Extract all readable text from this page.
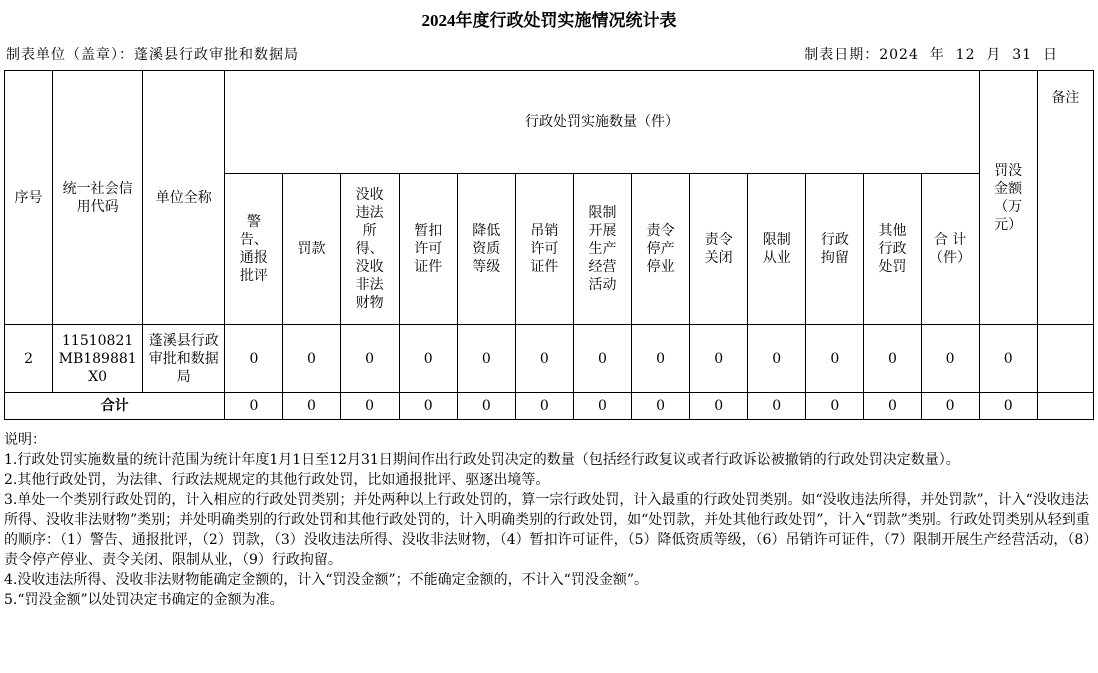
2024年度行政处罚实施情况统计表
制表单位（盖章）：蓬溪县行政审批和数据局	制表日期：2024  年  12  月  31  日
序号	统一社会信用代码	单位全称	行政处罚实施数量（件）													罚没金额（万元）	备注
			警告、通报批评	罚款	没收违法所得、没收非法财物	暂扣许可证件	降低资质等级	吊销许可证件	限制开展生产经营活动	责令停产停业	责令关闭	限制从业	行政拘留	其他行政处罚	合 计（件）		
2	11510821MB189881X0	蓬溪县行政审批和数据局	0	0	0	0	0	0	0	0	0	0	0	0	0	0	
合计			0	0	0	0	0	0	0	0	0	0	0	0	0	0	

说明：

1.行政处罚实施数量的统计范围为统计年度1月1日至12月31日期间作出行政处罚决定的数量（包括经行政复议或者行政诉讼被撤销的行政处罚决定数量）。

2.其他行政处罚，为法律、行政法规规定的其他行政处罚，比如通报批评、驱逐出境等。

3.单处一个类别行政处罚的，计入相应的行政处罚类别；并处两种以上行政处罚的，算一宗行政处罚，计入最重的行政处罚类别。如“没收违法所得，并处罚款”，计入“没收违法所得、没收非法财物”类别；并处明确类别的行政处罚和其他行政处罚的，计入明确类别的行政处罚，如“处罚款，并处其他行政处罚”，计入“罚款”类别。行政处罚类别从轻到重的顺序：（1）警告、通报批评，（2）罚款，（3）没收违法所得、没收非法财物，（4）暂扣许可证件，（5）降低资质等级，（6）吊销许可证件，（7）限制开展生产经营活动，（8）责令停产停业、责令关闭、限制从业，（9）行政拘留。

4.没收违法所得、没收非法财物能确定金额的，计入“罚没金额”；不能确定金额的，不计入“罚没金额”。

5.“罚没金额”以处罚决定书确定的金额为准。
